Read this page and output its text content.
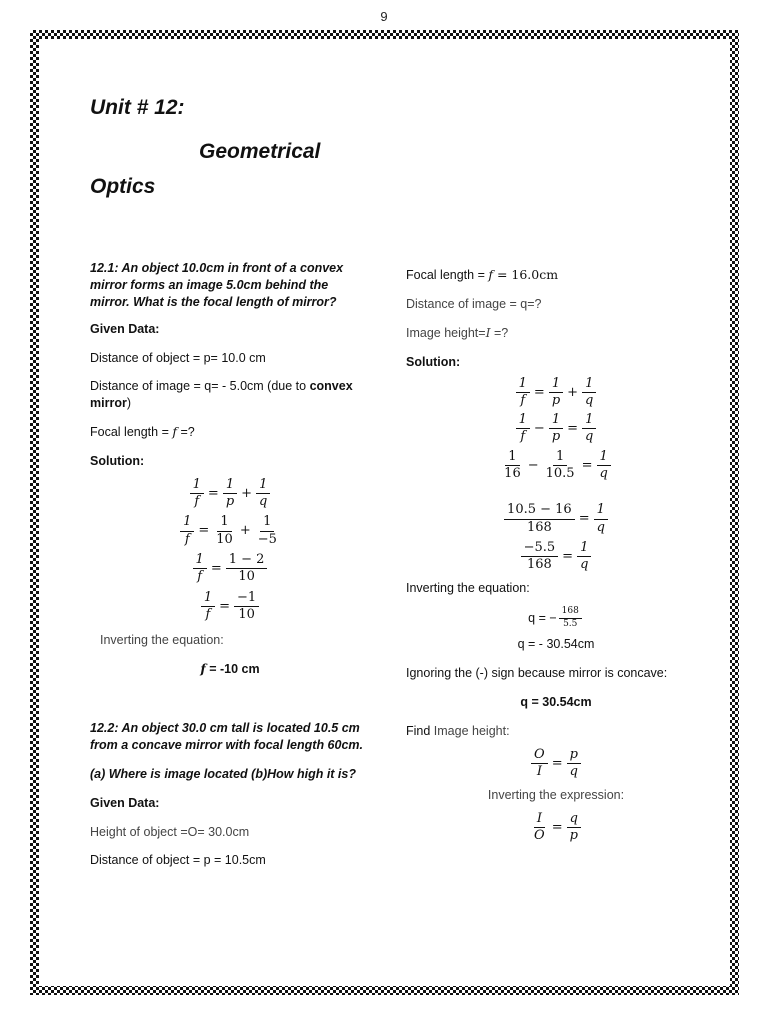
9
Unit # 12:
Geometrical
Optics

12.1: An object 10.0cm in front of a convex
mirror forms an image 5.0cm behind the
mirror. What is the focal length of mirror?

Given Data:

Distance of object = p= 10.0 cm

Distance of image = q= - 5.0cm (due to convex
mirror)

Focal length = f =?

Solution:

$\frac{1}{f} = \frac{1}{p} + \frac{1}{q}$
$\frac{1}{f} = \frac{1}{10} + \frac{1}{-5}$
$\frac{1}{f} = \frac{1 - 2}{10}$
$\frac{1}{f} = \frac{-1}{10}$

Inverting the equation:

f = -10 cm

12.2: An object 30.0 cm tall is located 10.5 cm
from a concave mirror with focal length 60cm.

(a) Where is image located (b)How high it is?

Given Data:

Height of object =O= 30.0cm

Distance of object = p = 10.5cm

Focal length = f = 16.0cm

Distance of image = q=?

Image height=I =?

Solution:

$\frac{1}{f} = \frac{1}{p} + \frac{1}{q}$
$\frac{1}{f} - \frac{1}{p} = \frac{1}{q}$
$\frac{1}{16} - \frac{1}{10.5} = \frac{1}{q}$
$\frac{10.5 - 16}{168} = \frac{1}{q}$
$\frac{-5.5}{168} = \frac{1}{q}$

Inverting the equation:

q = − $\frac{168}{5.5}$

q = - 30.54cm

Ignoring the (-) sign because mirror is concave:

q = 30.54cm

Find Image height:

$\frac{O}{I} = \frac{p}{q}$

Inverting the expression:

$\frac{I}{O} = \frac{q}{p}$
